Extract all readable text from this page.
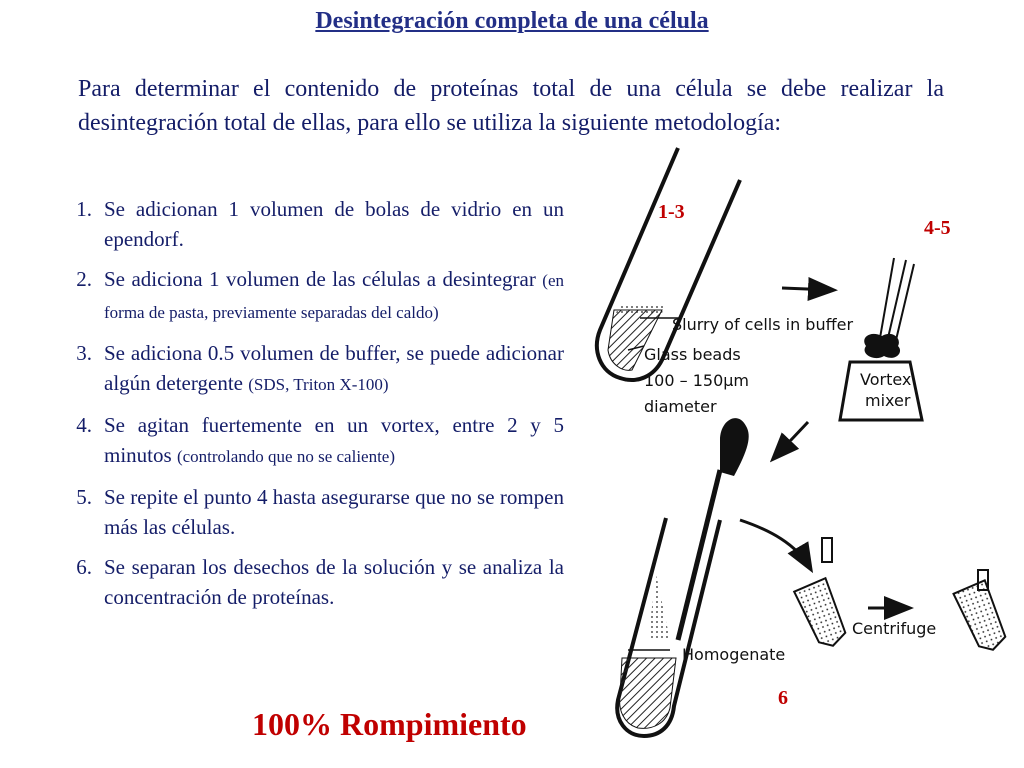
Desintegración completa de una célula
Para determinar el contenido de proteínas total de una célula se debe realizar la desintegración total de ellas, para ello se utiliza la siguiente metodología:
1. Se adicionan 1 volumen de bolas de vidrio en un ependorf.
2. Se adiciona 1 volumen de las células a desintegrar (en forma de pasta, previamente separadas del caldo)
3. Se adiciona 0.5 volumen de buffer, se puede adicionar algún detergente (SDS, Triton X-100)
4. Se agitan fuertemente en un vortex, entre 2 y 5 minutos (controlando que no se caliente)
5. Se repite el punto 4 hasta asegurarse que no se rompen más las células.
6. Se separan los desechos de la solución y se analiza la concentración de proteínas.
100% Rompimiento
Slurry of cells in buffer
Glass beads
100 – 150μm
diameter
Vortex
mixer
Homogenate
Centrifuge
1-3
4-5
6
